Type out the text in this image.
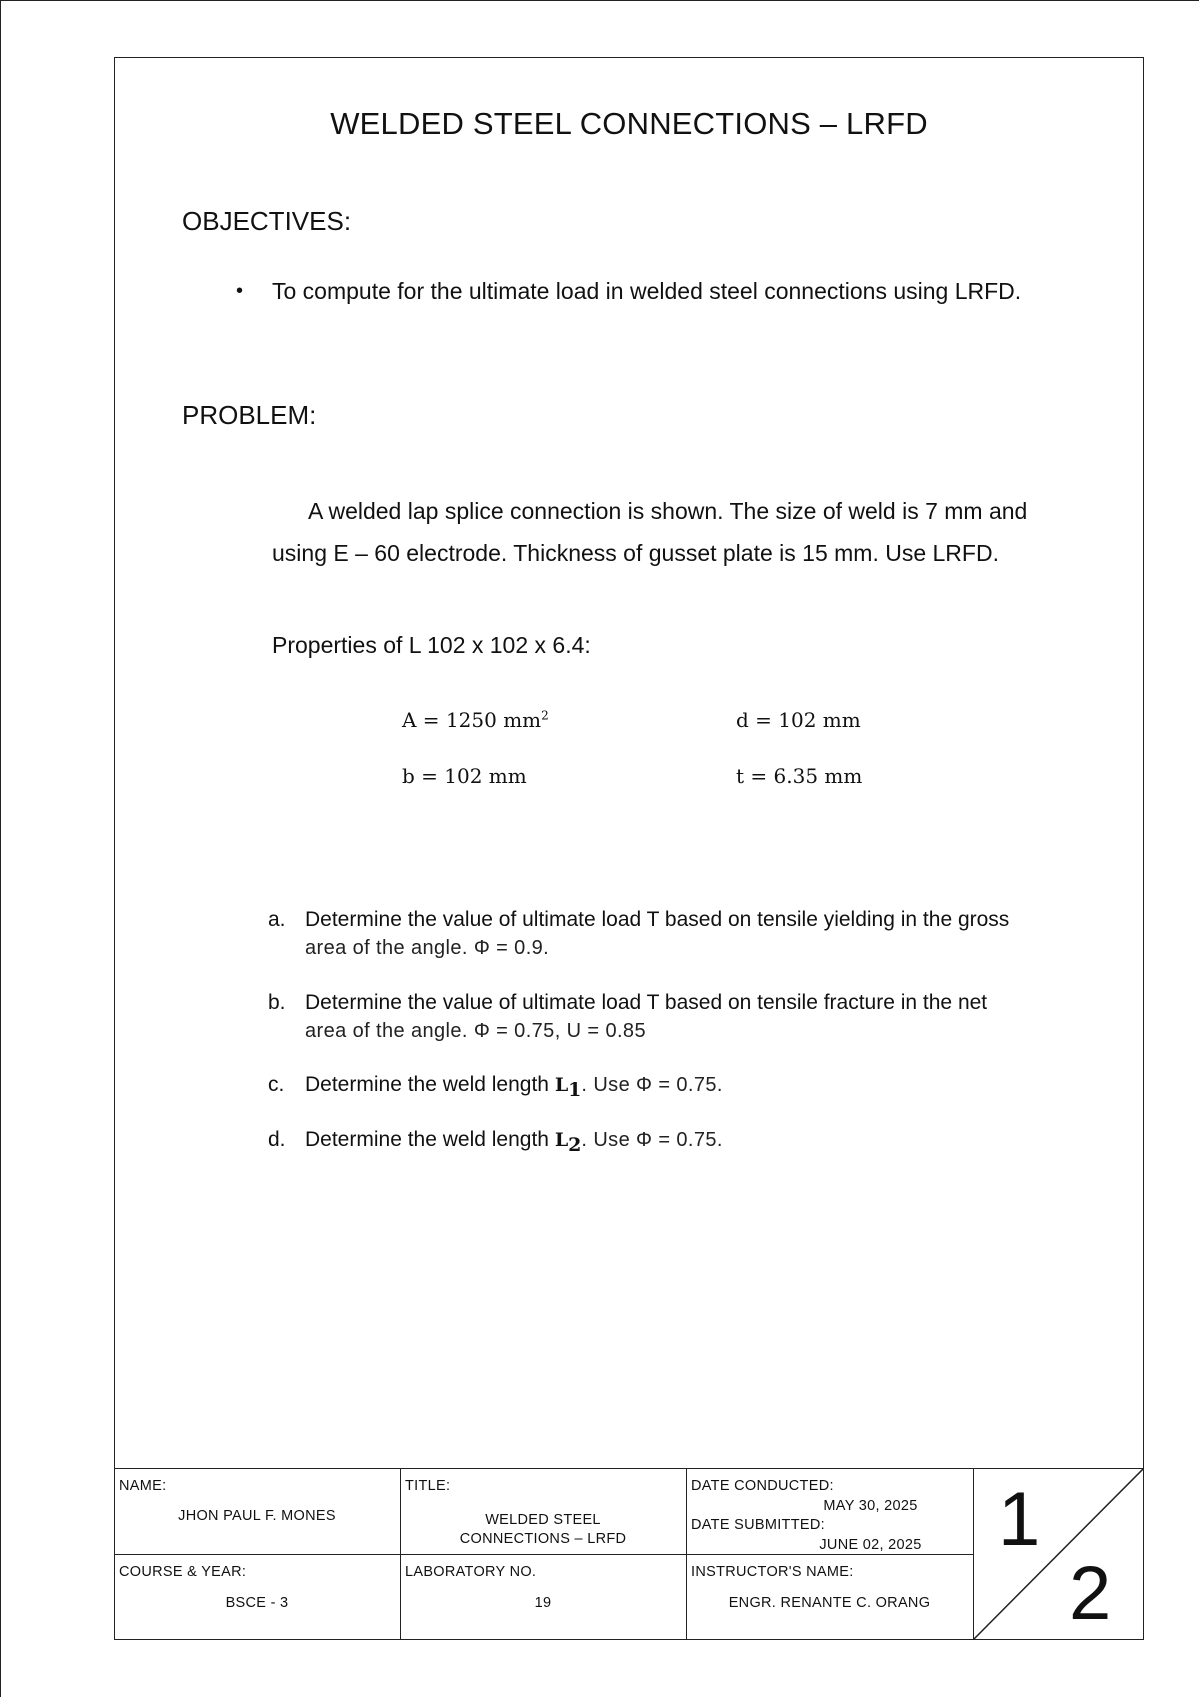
WELDED STEEL CONNECTIONS – LRFD
OBJECTIVES:
• To compute for the ultimate load in welded steel connections using LRFD.
PROBLEM:
A welded lap splice connection is shown. The size of weld is 7 mm and using E – 60 electrode. Thickness of gusset plate is 15 mm. Use LRFD.
Properties of L 102 x 102 x 6.4:
A = 1250 $mm^2$	d = 102 mm
b = 102 mm	t = 6.35 mm
a. Determine the value of ultimate load T based on tensile yielding in the gross
area of the angle. Φ = 0.9.
b. Determine the value of ultimate load T based on tensile fracture in the net
area of the angle. Φ = 0.75, U = 0.85
c. Determine the weld length $L_1$. Use Φ = 0.75.
d. Determine the weld length $L_2$. Use Φ = 0.75.
NAME:
JHON PAUL F. MONES
TITLE:
WELDED STEEL
CONNECTIONS – LRFD
DATE CONDUCTED:
MAY 30, 2025
DATE SUBMITTED:
JUNE 02, 2025
COURSE & YEAR:
BSCE - 3
LABORATORY NO.
19
INSTRUCTOR'S NAME:
ENGR. RENANTE C. ORANG
1
2
